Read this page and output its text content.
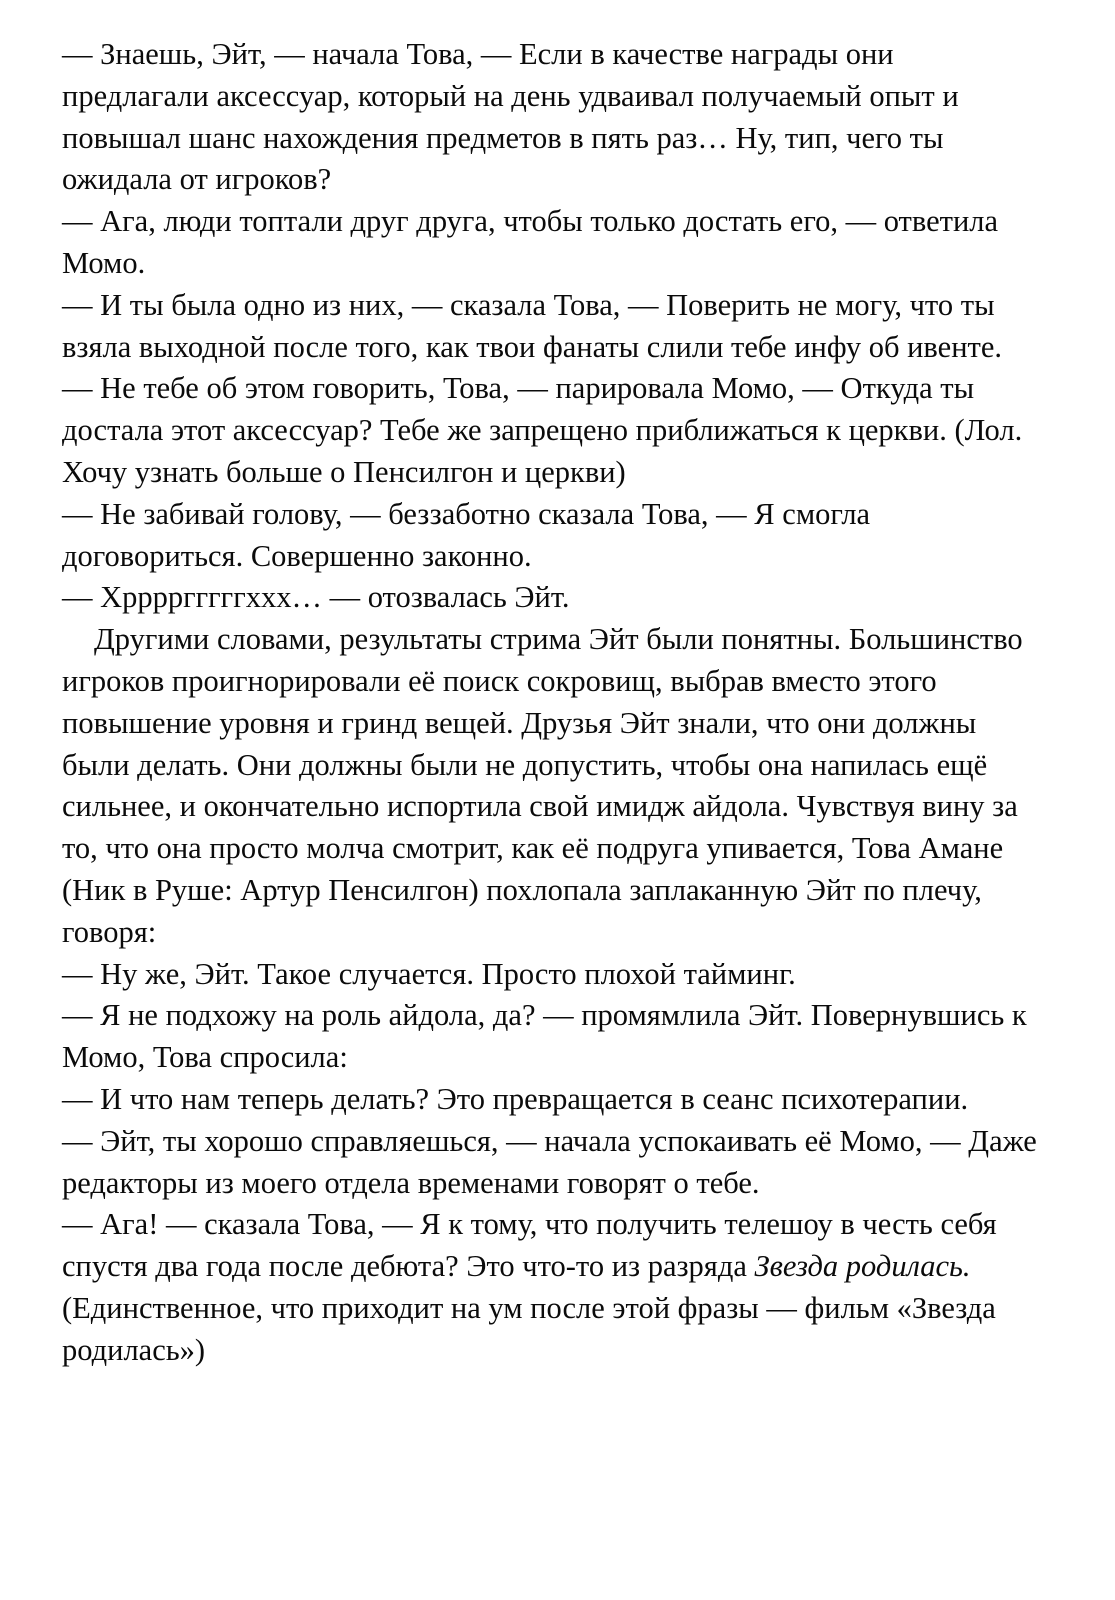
— Знаешь, Эйт, — начала Това, — Если в качестве награды они предлагали аксессуар, который на день удваивал получаемый опыт и повышал шанс нахождения предметов в пять раз… Ну, тип, чего ты ожидала от игроков?

— Ага, люди топтали друг друга, чтобы только достать его, — ответила Момо.

— И ты была одно из них, — сказала Това, — Поверить не могу, что ты взяла выходной после того, как твои фанаты слили тебе инфу об ивенте.

— Не тебе об этом говорить, Това, — парировала Момо, — Откуда ты достала этот аксессуар? Тебе же запрещено приближаться к церкви. (Лол. Хочу узнать больше о Пенсилгон и церкви)

— Не забивай голову, — беззаботно сказала Това, — Я смогла договориться. Совершенно законно.

— Хрррргггггххх… — отозвалась Эйт.

Другими словами, результаты стрима Эйт были понятны. Большинство игроков проигнорировали её поиск сокровищ, выбрав вместо этого повышение уровня и гринд вещей. Друзья Эйт знали, что они должны были делать. Они должны были не допустить, чтобы она напилась ещё сильнее, и окончательно испортила свой имидж айдола. Чувствуя вину за то, что она просто молча смотрит, как её подруга упивается, Това Амане (Ник в Руше: Артур Пенсилгон) похлопала заплаканную Эйт по плечу, говоря:

— Ну же, Эйт. Такое случается. Просто плохой тайминг.

— Я не подхожу на роль айдола, да? — промямлила Эйт. Повернувшись к Момо, Това спросила:

— И что нам теперь делать? Это превращается в сеанс психотерапии.

— Эйт, ты хорошо справляешься, — начала успокаивать её Момо, — Даже редакторы из моего отдела временами говорят о тебе.

— Ага! — сказала Това, — Я к тому, что получить телешоу в честь себя спустя два года после дебюта? Это что-то из разряда Звезда родилась. (Единственное, что приходит на ум после этой фразы — фильм «Звезда родилась»)
